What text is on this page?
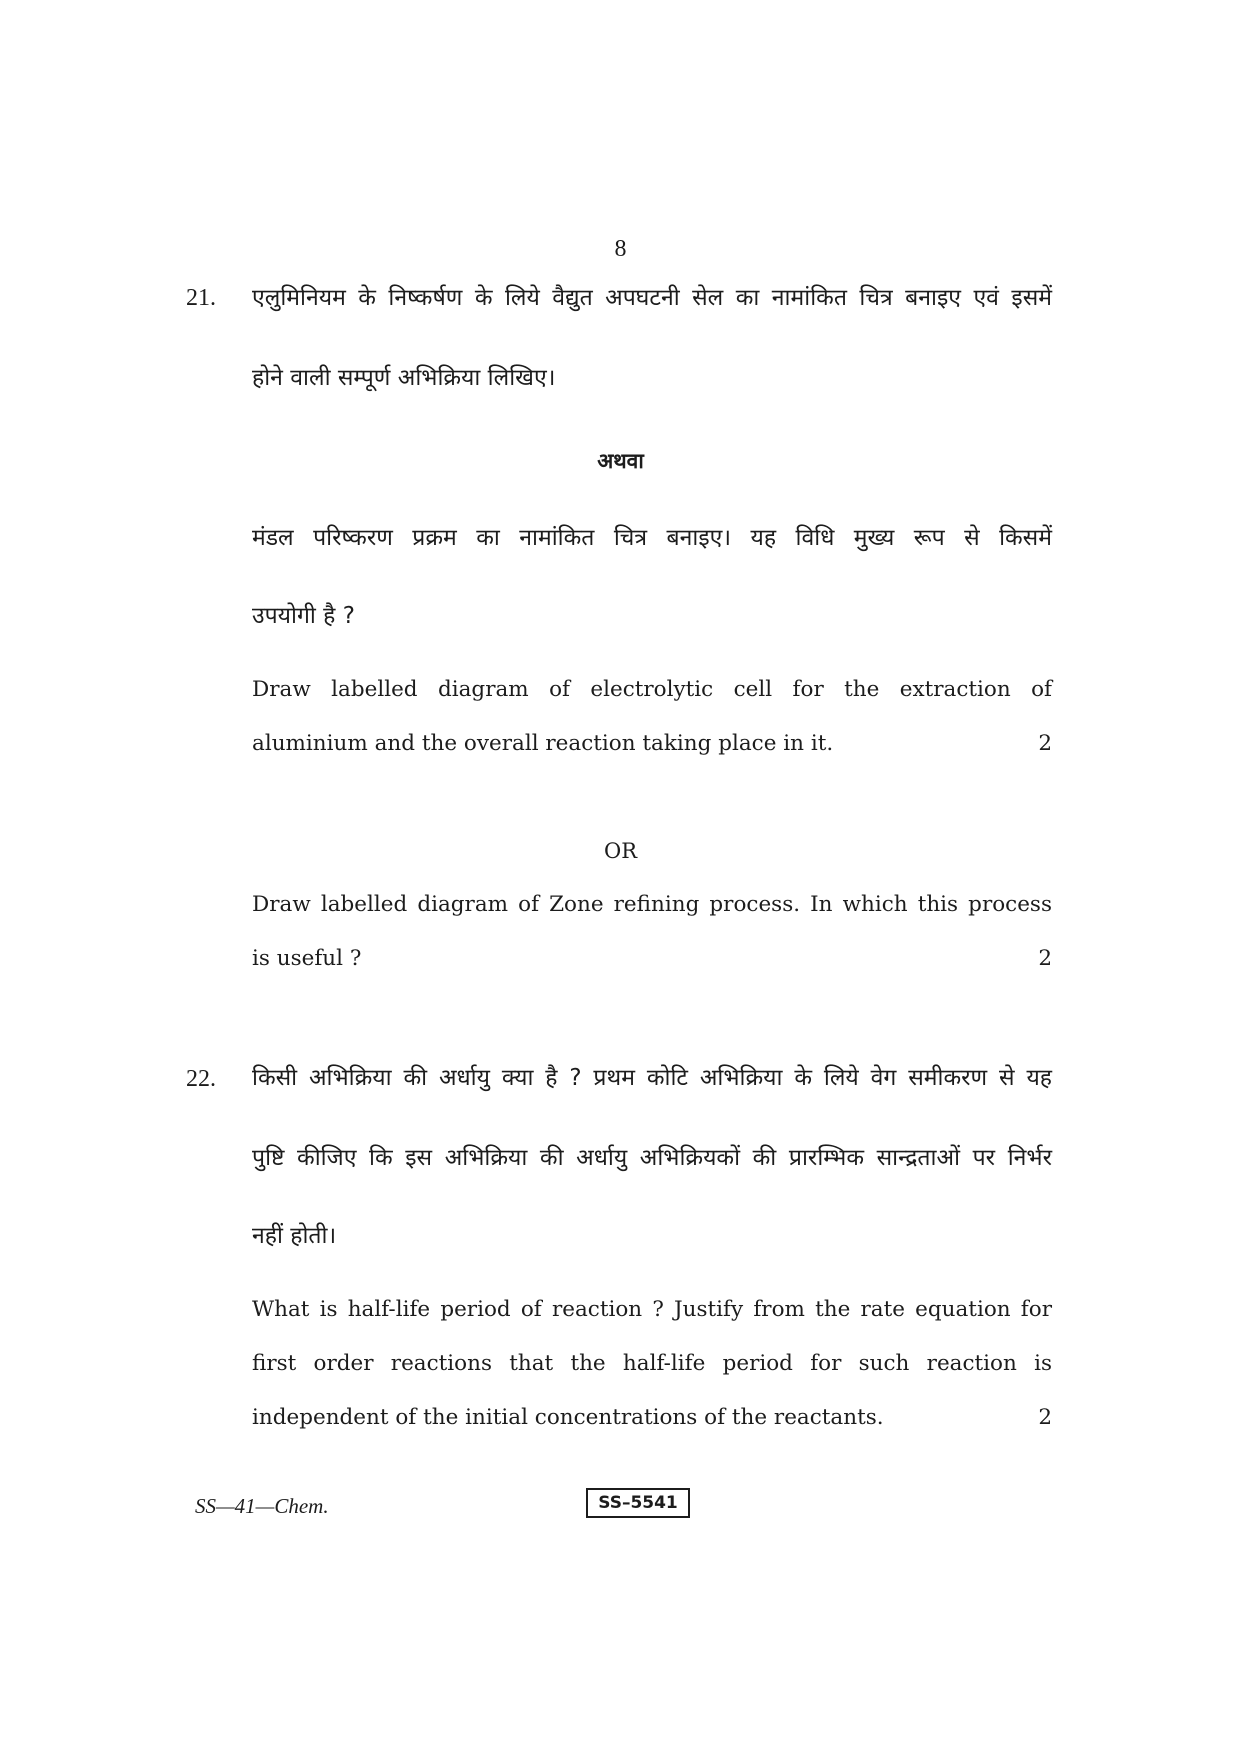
8
21. एलुमिनियम के निष्कर्षण के लिये वैद्युत अपघटनी सेल का नामांकित चित्र बनाइए एवं इसमें
होने वाली सम्पूर्ण अभिक्रिया लिखिए।
अथवा
मंडल परिष्करण प्रक्रम का नामांकित चित्र बनाइए। यह विधि मुख्य रूप से किसमें
उपयोगी है ?
Draw labelled diagram of electrolytic cell for the extraction of
aluminium and the overall reaction taking place in it.	2
OR
Draw labelled diagram of Zone refining process. In which this process
is useful ?	2
22. किसी अभिक्रिया की अर्धायु क्या है ? प्रथम कोटि अभिक्रिया के लिये वेग समीकरण से यह
पुष्टि कीजिए कि इस अभिक्रिया की अर्धायु अभिक्रियकों की प्रारम्भिक सान्द्रताओं पर निर्भर
नहीं होती।
What is half-life period of reaction ? Justify from the rate equation for
first order reactions that the half-life period for such reaction is
independent of the initial concentrations of the reactants.	2
SS—41—Chem.	SS–5541
